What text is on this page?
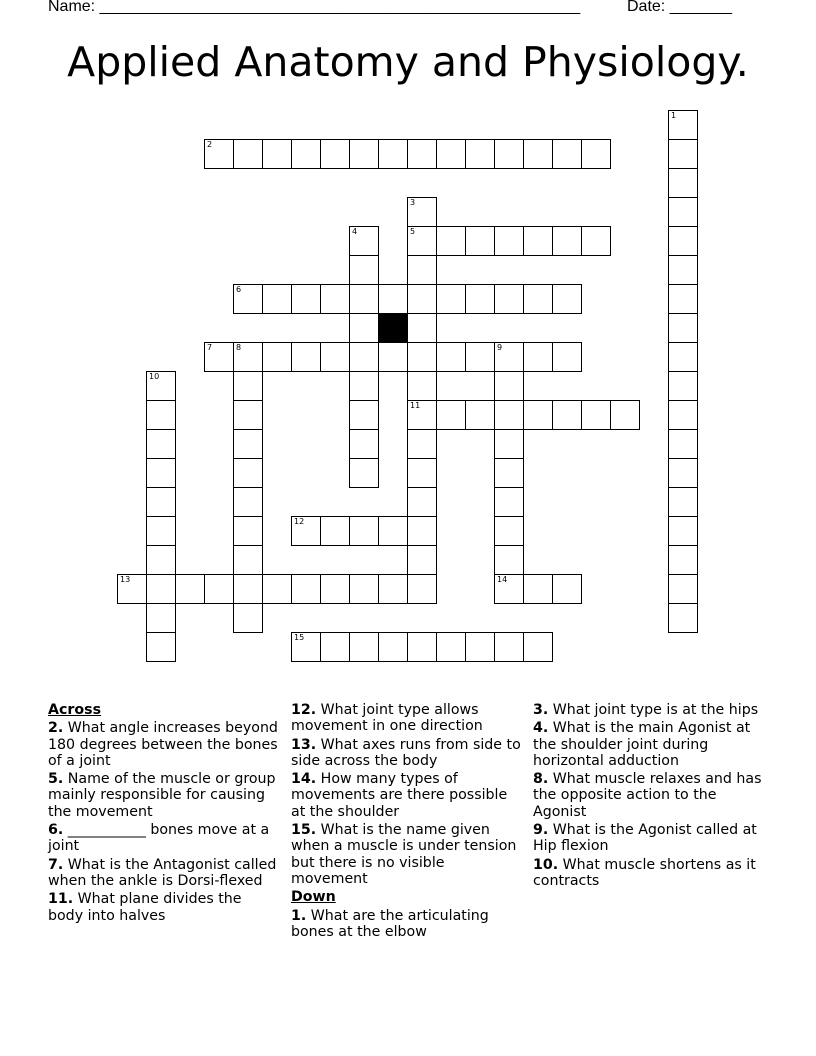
Name: ______________________________________________________	Date: _______
Applied Anatomy and Physiology.
1
2
3
5
11
4
6
7	8	9
10
12
13	14
15
Across
2. What angle increases beyond 180 degrees between the bones of a joint
5. Name of the muscle or group mainly responsible for causing the movement
6. ___________ bones move at a joint
7. What is the Antagonist called when the ankle is Dorsi-flexed
11. What plane divides the body into halves
12. What joint type allows movement in one direction
13. What axes runs from side to side across the body
14. How many types of movements are there possible at the shoulder
15. What is the name given when a muscle is under tension but there is no visible movement
Down
1. What are the articulating bones at the elbow
3. What joint type is at the hips
4. What is the main Agonist at the shoulder joint during horizontal adduction
8. What muscle relaxes and has the opposite action to the Agonist
9. What is the Agonist called at Hip flexion
10. What muscle shortens as it contracts
